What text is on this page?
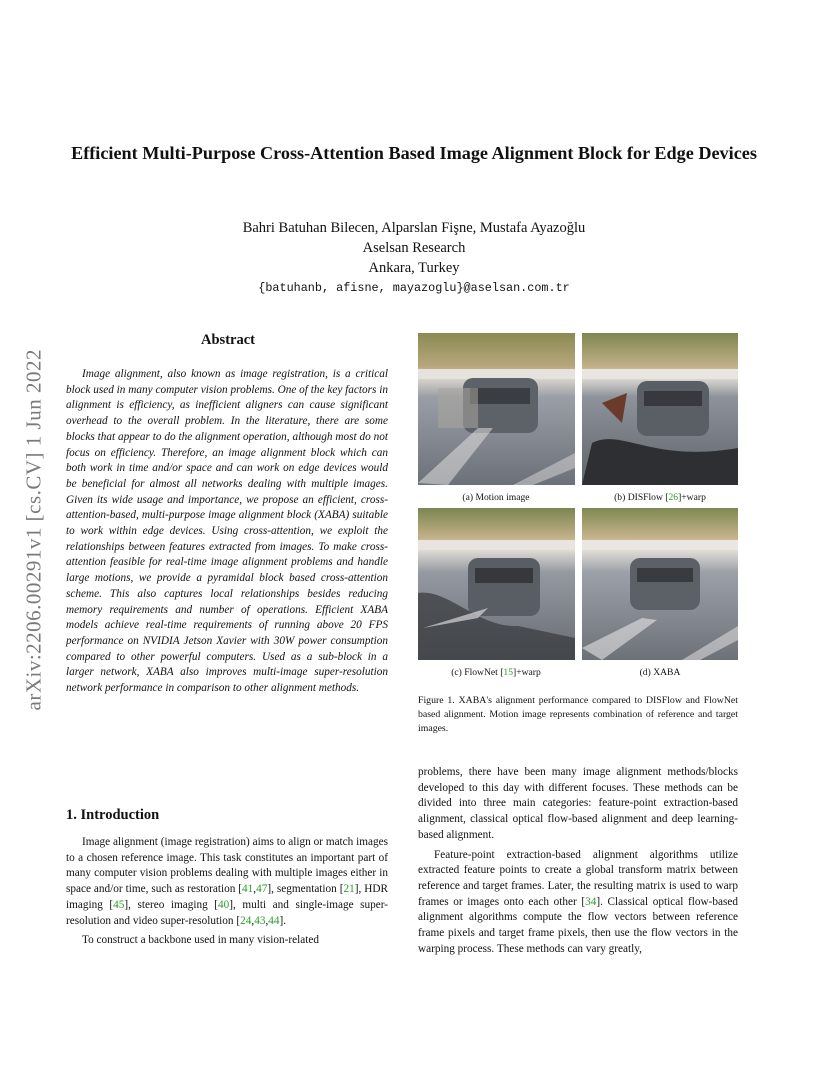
arXiv:2206.00291v1 [cs.CV] 1 Jun 2022
Efficient Multi-Purpose Cross-Attention Based Image Alignment Block for Edge Devices
Bahri Batuhan Bilecen, Alparslan Fişne, Mustafa Ayazoğlu
Aselsan Research
Ankara, Turkey
{batuhanb, afisne, mayazoglu}@aselsan.com.tr
Abstract

Image alignment, also known as image registration, is a critical block used in many computer vision problems. One of the key factors in alignment is efficiency, as inefficient aligners can cause significant overhead to the overall problem. In the literature, there are some blocks that appear to do the alignment operation, although most do not focus on efficiency. Therefore, an image alignment block which can both work in time and/or space and can work on edge devices would be beneficial for almost all networks dealing with multiple images. Given its wide usage and importance, we propose an efficient, cross-attention-based, multi-purpose image alignment block (XABA) suitable to work within edge devices. Using cross-attention, we exploit the relationships between features extracted from images. To make cross-attention feasible for real-time image alignment problems and handle large motions, we provide a pyramidal block based cross-attention scheme. This also captures local relationships besides reducing memory requirements and number of operations. Efficient XABA models achieve real-time requirements of running above 20 FPS performance on NVIDIA Jetson Xavier with 30W power consumption compared to other powerful computers. Used as a sub-block in a larger network, XABA also improves multi-image super-resolution network performance in comparison to other alignment methods.

1. Introduction

Image alignment (image registration) aims to align or match images to a chosen reference image. This task constitutes an important part of many computer vision problems dealing with multiple images either in space and/or time, such as restoration [41,47], segmentation [21], HDR imaging [45], stereo imaging [40], multi and single-image super-resolution and video super-resolution [24,43,44].

To construct a backbone used in many vision-related

(a) Motion image	(b) DISFlow [26]+warp
(c) FlowNet [15]+warp	(d) XABA
Figure 1. XABA's alignment performance compared to DISFlow and FlowNet based alignment. Motion image represents combination of reference and target images.

problems, there have been many image alignment methods/blocks developed to this day with different focuses. These methods can be divided into three main categories: feature-point extraction-based alignment, classical optical flow-based alignment and deep learning-based alignment.

Feature-point extraction-based alignment algorithms utilize extracted feature points to create a global transform matrix between reference and target frames. Later, the resulting matrix is used to warp frames or images onto each other [34]. Classical optical flow-based alignment algorithms compute the flow vectors between reference frame pixels and target frame pixels, then use the flow vectors in the warping process. These methods can vary greatly,
